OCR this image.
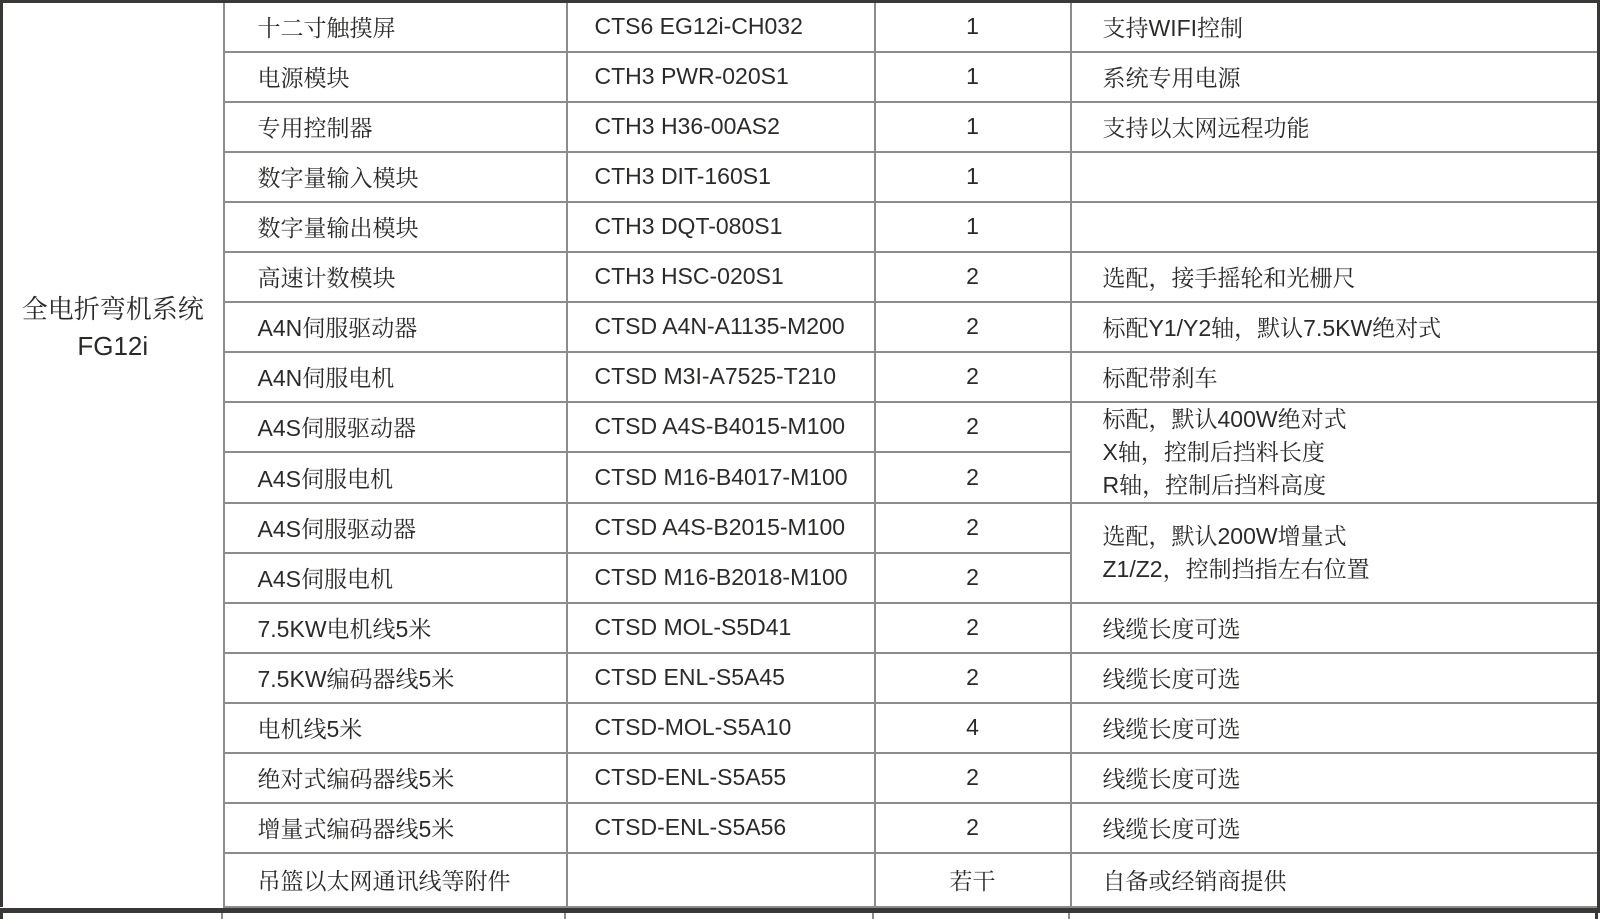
全电折弯机系统
FG12i	十二寸触摸屏	CTS6 EG12i-CH032	1	支持WIFI控制
	电源模块	CTH3 PWR-020S1	1	系统专用电源
	专用控制器	CTH3 H36-00AS2	1	支持以太网远程功能
	数字量输入模块	CTH3 DIT-160S1	1	
	数字量输出模块	CTH3 DQT-080S1	1	
	高速计数模块	CTH3 HSC-020S1	2	选配，接手摇轮和光栅尺
	A4N伺服驱动器	CTSD A4N-A1135-M200	2	标配Y1/Y2轴，默认7.5KW绝对式
	A4N伺服电机	CTSD M3I-A7525-T210	2	标配带刹车
	A4S伺服驱动器	CTSD A4S-B4015-M100	2	标配，默认400W绝对式
X轴，控制后挡料长度
R轴，控制后挡料高度

	A4S伺服电机	CTSD M16-B4017-M100	2	
	A4S伺服驱动器	CTSD A4S-B2015-M100	2	选配，默认200W增量式
Z1/Z2，控制挡指左右位置

	A4S伺服电机	CTSD M16-B2018-M100	2	
	7.5KW电机线5米	CTSD MOL-S5D41	2	线缆长度可选
	7.5KW编码器线5米	CTSD ENL-S5A45	2	线缆长度可选
	电机线5米	CTSD-MOL-S5A10	4	线缆长度可选
	绝对式编码器线5米	CTSD-ENL-S5A55	2	线缆长度可选
	增量式编码器线5米	CTSD-ENL-S5A56	2	线缆长度可选
	吊篮以太网通讯线等附件		若干	自备或经销商提供
